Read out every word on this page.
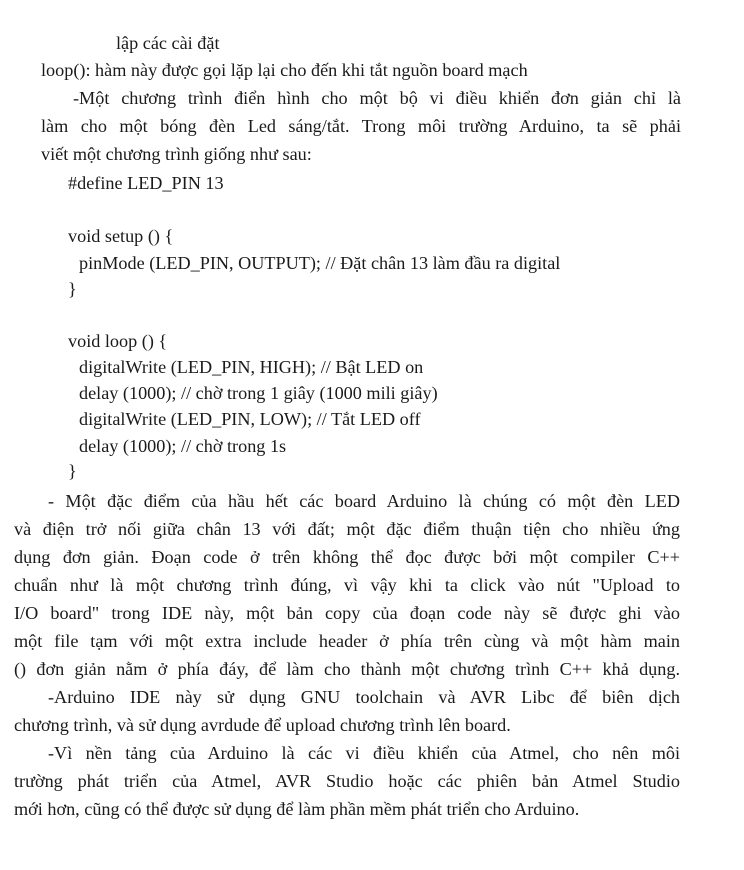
lập các cài đặt
loop(): hàm này được gọi lặp lại cho đến khi tắt nguồn board mạch
-Một chương trình điển hình cho một bộ vi điều khiển đơn giản chỉ là
làm cho một bóng đèn Led sáng/tắt. Trong môi trường Arduino, ta sẽ phải
viết một chương trình giống như sau:
#define LED_PIN 13
void setup () {
pinMode (LED_PIN, OUTPUT); // Đặt chân 13 làm đầu ra digital
}
void loop () {
digitalWrite (LED_PIN, HIGH); // Bật LED on
delay (1000); // chờ trong 1 giây (1000 mili giây)
digitalWrite (LED_PIN, LOW); // Tắt LED off
delay (1000); // chờ trong 1s
}
- Một đặc điểm của hầu hết các board Arduino là chúng có một đèn LED
và điện trở nối giữa chân 13 với đất; một đặc điểm thuận tiện cho nhiều ứng
dụng đơn giản. Đoạn code ở trên không thể đọc được bởi một compiler C++
chuẩn như là một chương trình đúng, vì vậy khi ta click vào nút "Upload to
I/O board" trong IDE này, một bản copy của đoạn code này sẽ được ghi vào
một file tạm với một extra include header ở phía trên cùng và một hàm main
() đơn giản nằm ở phía đáy, để làm cho thành một chương trình C++ khả dụng.
-Arduino IDE này sử dụng GNU toolchain và AVR Libc để biên dịch
chương trình, và sử dụng avrdude để upload chương trình lên board.
-Vì nền tảng của Arduino là các vi điều khiển của Atmel, cho nên môi
trường phát triển của Atmel, AVR Studio hoặc các phiên bản Atmel Studio
mới hơn, cũng có thể được sử dụng để làm phần mềm phát triển cho Arduino.
